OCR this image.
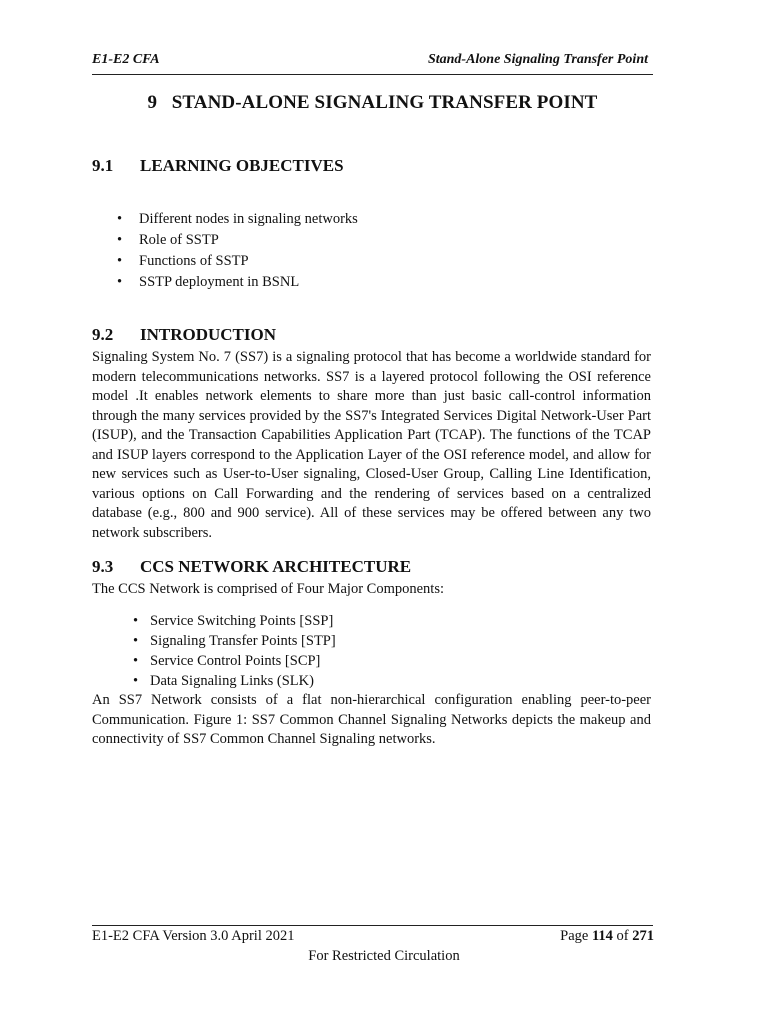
E1-E2 CFA	Stand-Alone Signaling Transfer Point
9 STAND-ALONE SIGNALING TRANSFER POINT
9.1 LEARNING OBJECTIVES
• Different nodes in signaling networks
• Role of SSTP
• Functions of SSTP
• SSTP deployment in BSNL
9.2 INTRODUCTION

Signaling System No. 7 (SS7) is a signaling protocol that has become a worldwide standard for modern telecommunications networks. SS7 is a layered protocol following the OSI reference model .It enables network elements to share more than just basic call-control information through the many services provided by the SS7's Integrated Services Digital Network-User Part (ISUP), and the Transaction Capabilities Application Part (TCAP). The functions of the TCAP and ISUP layers correspond to the Application Layer of the OSI reference model, and allow for new services such as User-to-User signaling, Closed-User Group, Calling Line Identification, various options on Call Forwarding and the rendering of services based on a centralized database (e.g., 800 and 900 service). All of these services may be offered between any two network subscribers.

9.3 CCS NETWORK ARCHITECTURE

The CCS Network is comprised of Four Major Components:

• Service Switching Points [SSP]
• Signaling Transfer Points [STP]
• Service Control Points [SCP]
• Data Signaling Links (SLK)

An SS7 Network consists of a flat non-hierarchical configuration enabling peer-to-peer Communication. Figure 1: SS7 Common Channel Signaling Networks depicts the makeup and connectivity of SS7 Common Channel Signaling networks.

E1-E2 CFA Version 3.0 April 2021	Page 114 of 271
For Restricted Circulation
